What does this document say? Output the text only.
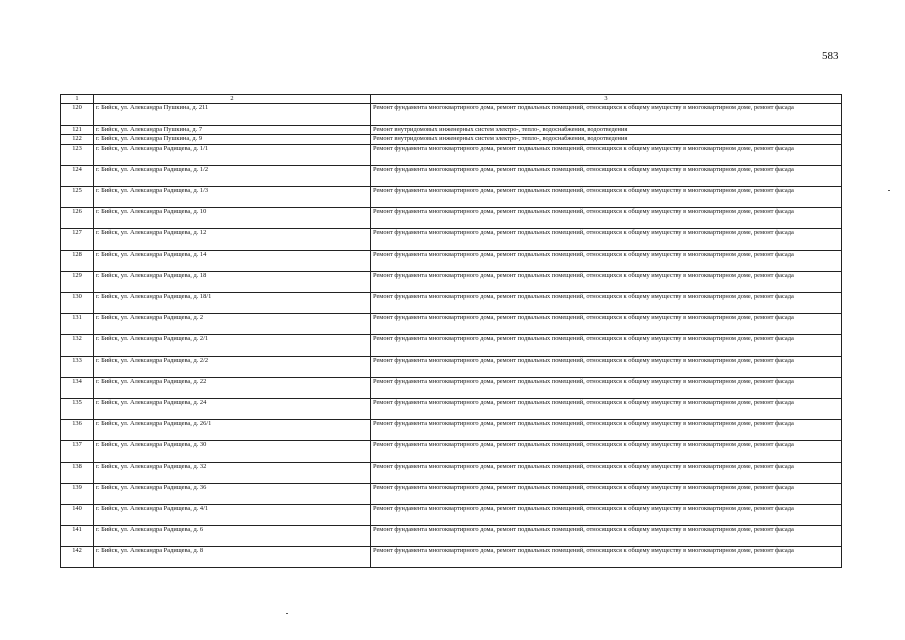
583
1	2	3
120	г. Бийск, ул. Александра Пушкина, д. 211	Ремонт фундамента многоквартирного дома, ремонт подвальных помещений, относящихся к общему имуществу в многоквартирном доме, ремонт фасада
121	г. Бийск, ул. Александра Пушкина, д. 7	Ремонт внутридомовых инженерных систем электро-, тепло-, водоснабжения, водоотведения
122	г. Бийск, ул. Александра Пушкина, д. 9	Ремонт внутридомовых инженерных систем электро-, тепло-, водоснабжения, водоотведения
123	г. Бийск, ул. Александра Радищева, д. 1/1	Ремонт фундамента многоквартирного дома, ремонт подвальных помещений, относящихся к общему имуществу в многоквартирном доме, ремонт фасада
124	г. Бийск, ул. Александра Радищева, д. 1/2	Ремонт фундамента многоквартирного дома, ремонт подвальных помещений, относящихся к общему имуществу в многоквартирном доме, ремонт фасада
125	г. Бийск, ул. Александра Радищева, д. 1/3	Ремонт фундамента многоквартирного дома, ремонт подвальных помещений, относящихся к общему имуществу в многоквартирном доме, ремонт фасада
126	г. Бийск, ул. Александра Радищева, д. 10	Ремонт фундамента многоквартирного дома, ремонт подвальных помещений, относящихся к общему имуществу в многоквартирном доме, ремонт фасада
127	г. Бийск, ул. Александра Радищева, д. 12	Ремонт фундамента многоквартирного дома, ремонт подвальных помещений, относящихся к общему имуществу в многоквартирном доме, ремонт фасада
128	г. Бийск, ул. Александра Радищева, д. 14	Ремонт фундамента многоквартирного дома, ремонт подвальных помещений, относящихся к общему имуществу в многоквартирном доме, ремонт фасада
129	г. Бийск, ул. Александра Радищева, д. 18	Ремонт фундамента многоквартирного дома, ремонт подвальных помещений, относящихся к общему имуществу в многоквартирном доме, ремонт фасада
130	г. Бийск, ул. Александра Радищева, д. 18/1	Ремонт фундамента многоквартирного дома, ремонт подвальных помещений, относящихся к общему имуществу в многоквартирном доме, ремонт фасада
131	г. Бийск, ул. Александра Радищева, д. 2	Ремонт фундамента многоквартирного дома, ремонт подвальных помещений, относящихся к общему имуществу в многоквартирном доме, ремонт фасада
132	г. Бийск, ул. Александра Радищева, д. 2/1	Ремонт фундамента многоквартирного дома, ремонт подвальных помещений, относящихся к общему имуществу в многоквартирном доме, ремонт фасада
133	г. Бийск, ул. Александра Радищева, д. 2/2	Ремонт фундамента многоквартирного дома, ремонт подвальных помещений, относящихся к общему имуществу в многоквартирном доме, ремонт фасада
134	г. Бийск, ул. Александра Радищева, д. 22	Ремонт фундамента многоквартирного дома, ремонт подвальных помещений, относящихся к общему имуществу в многоквартирном доме, ремонт фасада
135	г. Бийск, ул. Александра Радищева, д. 24	Ремонт фундамента многоквартирного дома, ремонт подвальных помещений, относящихся к общему имуществу в многоквартирном доме, ремонт фасада
136	г. Бийск, ул. Александра Радищева, д. 26/1	Ремонт фундамента многоквартирного дома, ремонт подвальных помещений, относящихся к общему имуществу в многоквартирном доме, ремонт фасада
137	г. Бийск, ул. Александра Радищева, д. 30	Ремонт фундамента многоквартирного дома, ремонт подвальных помещений, относящихся к общему имуществу в многоквартирном доме, ремонт фасада
138	г. Бийск, ул. Александра Радищева, д. 32	Ремонт фундамента многоквартирного дома, ремонт подвальных помещений, относящихся к общему имуществу в многоквартирном доме, ремонт фасада
139	г. Бийск, ул. Александра Радищева, д. 36	Ремонт фундамента многоквартирного дома, ремонт подвальных помещений, относящихся к общему имуществу в многоквартирном доме, ремонт фасада
140	г. Бийск, ул. Александра Радищева, д. 4/1	Ремонт фундамента многоквартирного дома, ремонт подвальных помещений, относящихся к общему имуществу в многоквартирном доме, ремонт фасада
141	г. Бийск, ул. Александра Радищева, д. 6	Ремонт фундамента многоквартирного дома, ремонт подвальных помещений, относящихся к общему имуществу в многоквартирном доме, ремонт фасада
142	г. Бийск, ул. Александра Радищева, д. 8	Ремонт фундамента многоквартирного дома, ремонт подвальных помещений, относящихся к общему имуществу в многоквартирном доме, ремонт фасада
